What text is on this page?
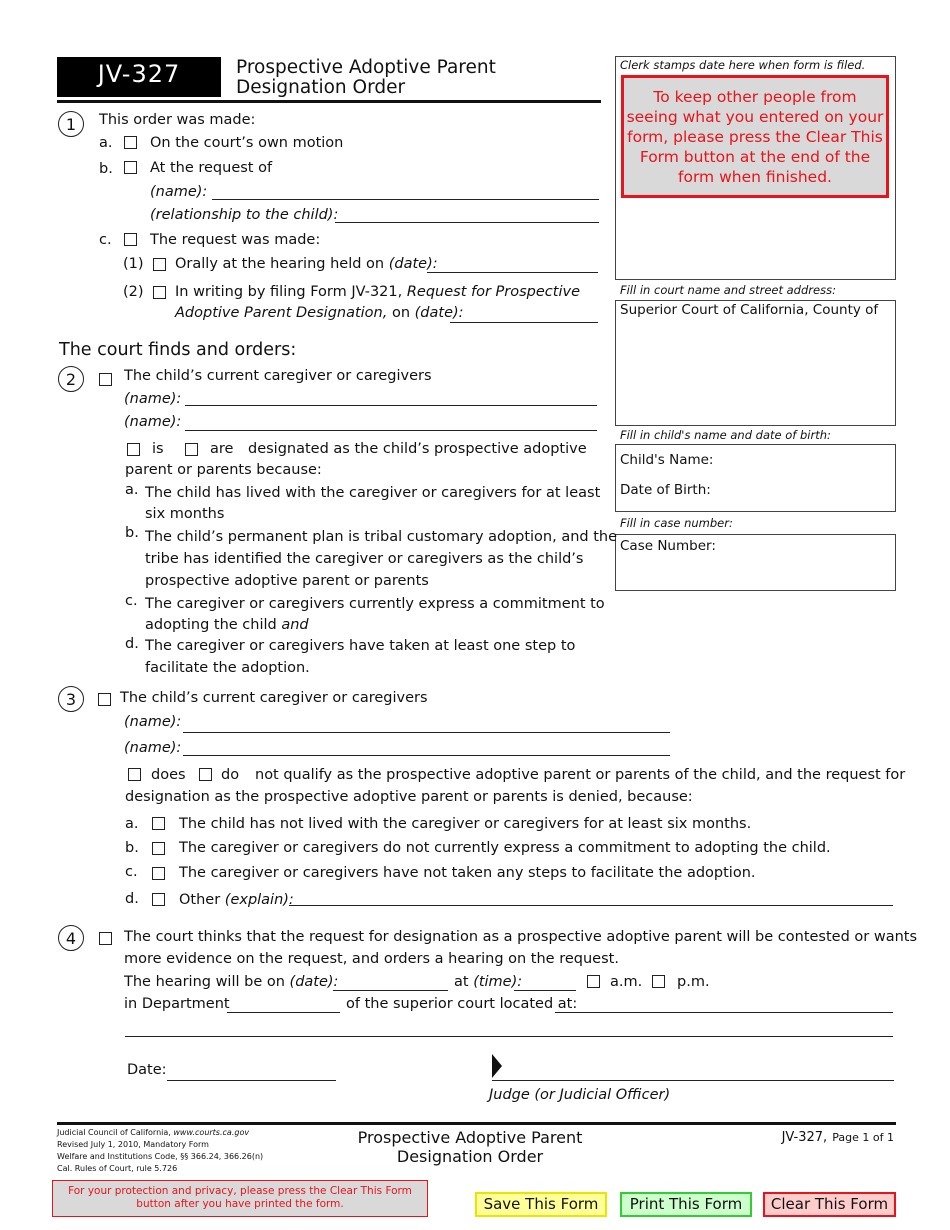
JV-327	Prospective Adoptive Parent
Designation Order
Clerk stamps date here when form is filed.
To keep other people from seeing what you entered on your form, please press the Clear This Form button at the end of the form when finished.
Fill in court name and street address:
Superior Court of California, County of
Fill in child's name and date of birth:
Child's Name:
Date of Birth:
Fill in case number:
Case Number:
1	This order was made:
a.	On the court’s own motion
b.	At the request of
(name):
(relationship to the child):
c.	The request was made:
(1) Orally at the hearing held on (date):
(2) In writing by filing Form JV-321, Request for Prospective
Adoptive Parent Designation, on (date):
The court finds and orders:
2	The child’s current caregiver or caregivers
(name):
(name):
is	are designated as the child’s prospective adoptive
parent or parents because:
a. The child has lived with the caregiver or caregivers for at least
six months
b. The child’s permanent plan is tribal customary adoption, and the
tribe has identified the caregiver or caregivers as the child’s
prospective adoptive parent or parents
c. The caregiver or caregivers currently express a commitment to
adopting the child and
d. The caregiver or caregivers have taken at least one step to
facilitate the adoption.
3	The child’s current caregiver or caregivers
(name):
(name):
does do not qualify as the prospective adoptive parent or parents of the child, and the request for
designation as the prospective adoptive parent or parents is denied, because:
a.	The child has not lived with the caregiver or caregivers for at least six months.
b.	The caregiver or caregivers do not currently express a commitment to adopting the child.
c.	The caregiver or caregivers have not taken any steps to facilitate the adoption.
d.	Other (explain):
4	The court thinks that the request for designation as a prospective adoptive parent will be contested or wants
more evidence on the request, and orders a hearing on the request.
The hearing will be on (date):	at (time):	a.m. p.m.
in Department	of the superior court located at:
Date:
Judge (or Judicial Officer)
Judicial Council of California, www.courts.ca.gov
Revised July 1, 2010, Mandatory Form
Welfare and Institutions Code, §§ 366.24, 366.26(n)
Cal. Rules of Court, rule 5.726
Prospective Adoptive Parent
Designation Order
JV-327, Page 1 of 1
For your protection and privacy, please press the Clear This Form button after you have printed the form.	Save This Form	Print This Form	Clear This Form
